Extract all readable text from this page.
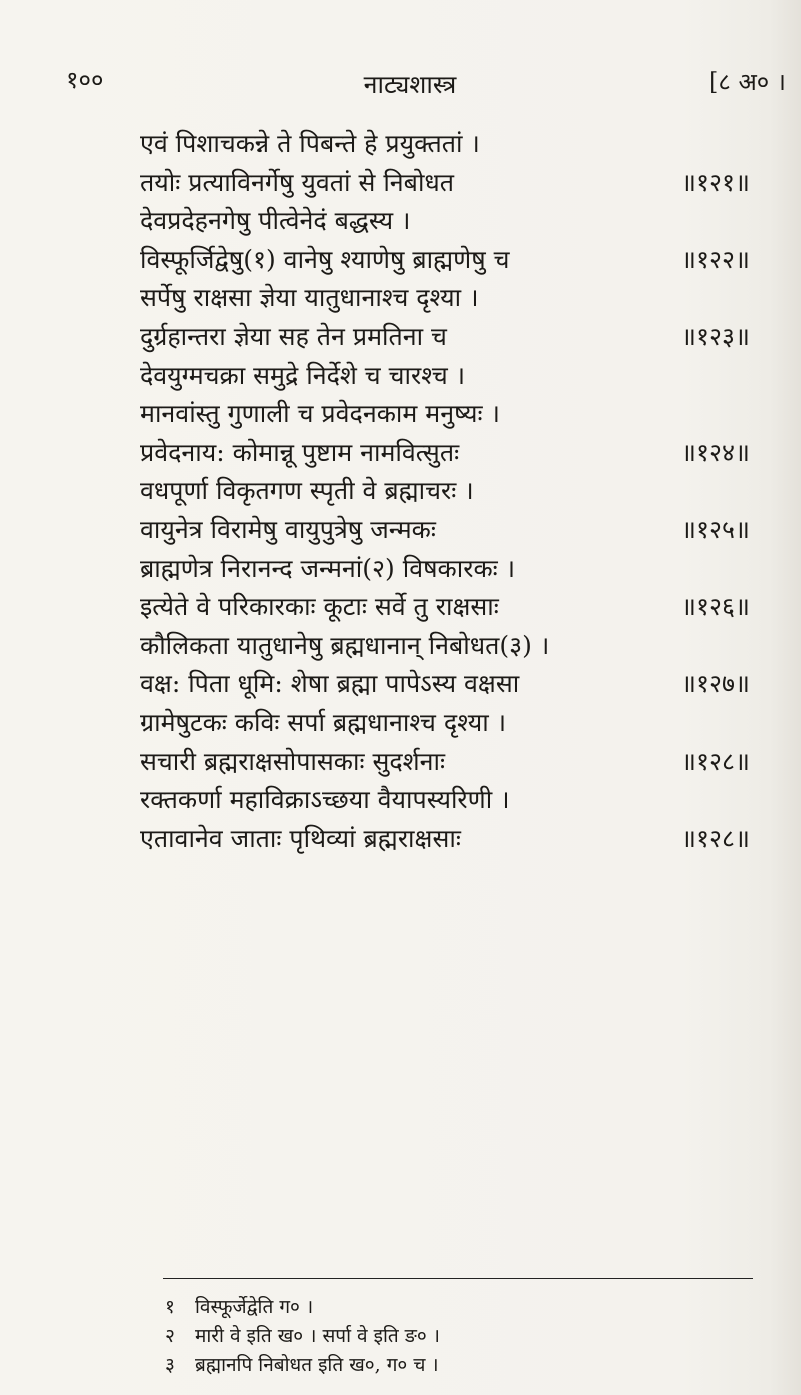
१००	नाट्यशास्त्र	[८ अ० ।
एवं पिशाचकन्ने ते पिबन्ते हे प्रयुक्ततां ।
तयोः प्रत्याविनर्गेषु युवतां से निबोधत	॥१२१॥
देवप्रदेहनगेषु पीत्वेनेदं बद्धस्य ।
विस्फूर्जिद्वेषु(१) वानेषु श्याणेषु ब्राह्मणेषु च	॥१२२॥
सर्पेषु राक्षसा ज्ञेया यातुधानाश्च दृश्या ।
दुर्ग्रहान्तरा ज्ञेया सह तेन प्रमतिना च	॥१२३॥
देवयुग्मचक्रा समुद्रे निर्देशे च चारश्च ।
मानवांस्तु गुणाली च प्रवेदनकाम मनुष्यः ।
प्रवेदनाय: कोमान्नू पुष्टाम नामवित्सुतः	॥१२४॥
वधपूर्णा विकृतगण स्पृती वे ब्रह्माचरः ।
वायुनेत्र विरामेषु वायुपुत्रेषु जन्मकः	॥१२५॥
ब्राह्मणेत्र निरानन्द जन्मनां(२) विषकारकः ।
इत्येते वे परिकारकाः कूटाः सर्वे तु राक्षसाः	॥१२६॥
कौलिकता यातुधानेषु ब्रह्मधानान् निबोधत(३) ।
वक्ष: पिता धूमि: शेषा ब्रह्मा पापेऽस्य वक्षसा	॥१२७॥
ग्रामेषुटकः कविः सर्पा ब्रह्मधानाश्च दृश्या ।
सचारी ब्रह्मराक्षसोपासकाः सुदर्शनाः	॥१२८॥
रक्तकर्णा महाविक्राऽच्छया वैयापस्यरिणी ।
एतावानेव जाताः पृथिव्यां ब्रह्मराक्षसाः	॥१२८॥
१ विस्फूर्जेद्वेति ग० ।
२ मारी वे इति ख० । सर्पा वे इति ङ० ।
३ ब्रह्मानपि निबोधत इति ख०, ग० च ।
